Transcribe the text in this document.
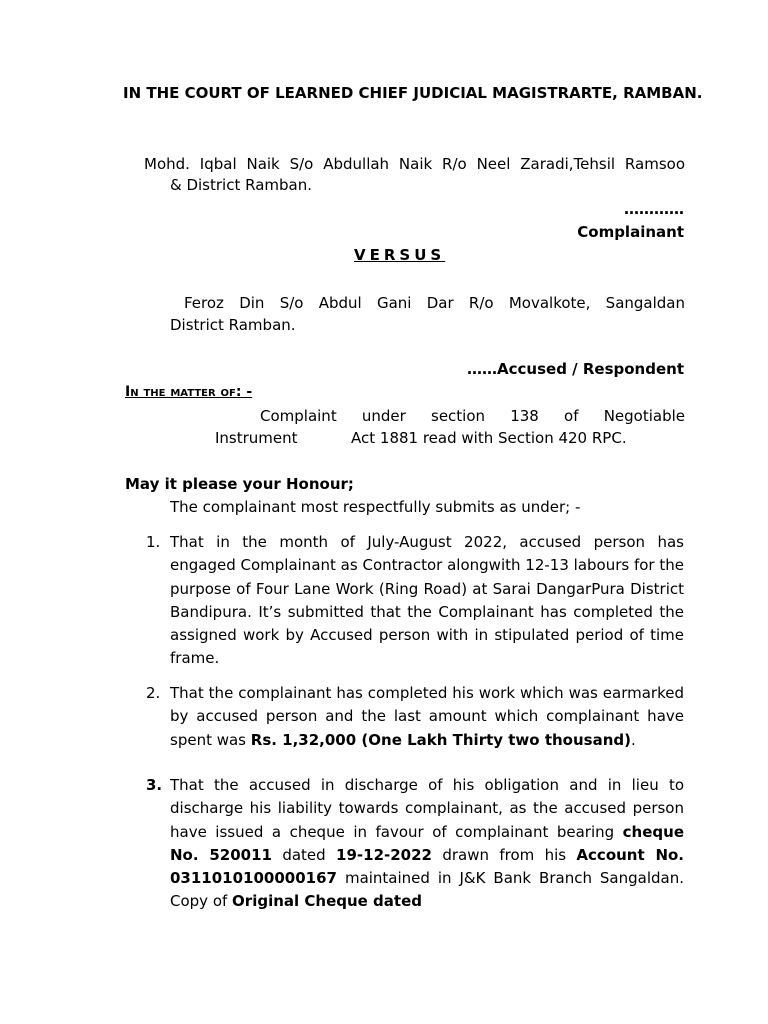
IN THE COURT OF LEARNED CHIEF JUDICIAL MAGISTRARTE, RAMBAN.
Mohd. Iqbal Naik S/o Abdullah Naik R/o Neel Zaradi,Tehsil Ramsoo
& District Ramban.
…………
Complainant
VERSUS
Feroz Din S/o Abdul Gani Dar R/o Movalkote, Sangaldan
District Ramban.
……Accused / Respondent
In the matter of: -
Complaint under section 138 of Negotiable
Instrument	Act 1881 read with Section 420 RPC.
May it please your Honour;
The complainant most respectfully submits as under; -
1. That in the month of July-August 2022, accused person has engaged Complainant as Contractor alongwith 12-13 labours for the purpose of Four Lane Work (Ring Road) at Sarai DangarPura District Bandipura. It’s submitted that the Complainant has completed the assigned work by Accused person with in stipulated period of time frame.
2. That the complainant has completed his work which was earmarked by accused person and the last amount which complainant have spent was Rs. 1,32,000 (One Lakh Thirty two thousand).
3. That the accused in discharge of his obligation and in lieu to discharge his liability towards complainant, as the accused person have issued a cheque in favour of complainant bearing cheque No. 520011 dated 19-12-2022 drawn from his Account No. 0311010100000167 maintained in J&K Bank Branch Sangaldan. Copy of Original Cheque dated
